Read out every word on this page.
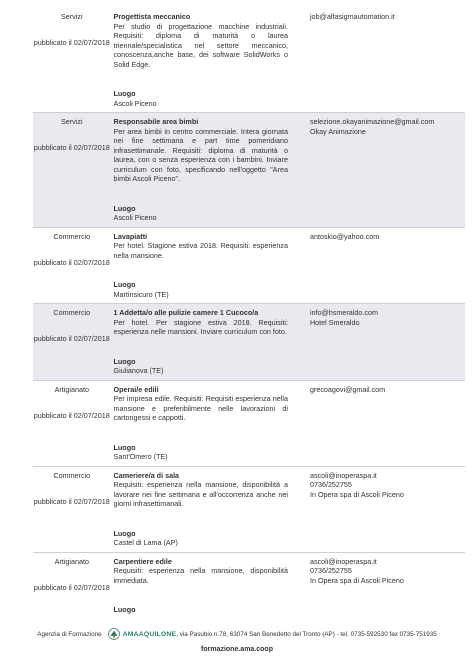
Servizi
pubblicato il 02/07/2018
Progettista meccanico
Per studio di progettazione macchine industriali. Requisiti: diploma di maturità o laurea triennale/specialistica nel settore meccanico, conoscenza,anche base, dei software SolidWorks o Solid Edge.
Luogo
Ascoli Piceno
job@alfasigmautomation.it
Servizi
pubblicato il 02/07/2018
Responsabile area bimbi
Per area bimbi in centro commerciale. Intera giornata nei fine settimana e part time pomeridiano infrasettimanale. Requisiti: diploma di maturità o laurea, con o senza esperienza con i bambini. Inviare curriculum con foto, specificando nell'oggetto "Area bimbi Ascoli Piceno".
Luogo
Ascoli Piceno
selezione.okayanimazione@gmail.com
Okay Animazione
Commercio
pubblicato il 02/07/2018
Lavapiatti
Per hotel. Stagione estiva 2018. Requisiti: esperienza nella mansione.
Luogo
Martinsicuro (TE)
antoskio@yahoo.com
Commercio
pubblicato il 02/07/2018
1 Addetta/o alle pulizie camere 1 Cucoco/a
Per hotel. Per stagione estiva 2018. Requisiti: esperienza nelle mansioni. Inviare curriculum con foto.
Luogo
Giulianova (TE)
info@hsmeraldo.com
Hotel Smeraldo
Artigianato
pubblicato il 02/07/2018
Operai/e edili
Per impresa edile. Requisiti: Requisiti esperienza nella mansione e preferibilmente nelle lavorazioni di cartongessi e cappotti.
Luogo
Sant'Omero (TE)
grecoagovi@gmail.com
Commercio
pubblicato il 02/07/2018
Cameriere/a di sala
Requisiti: esperienza nella mansione, disponibilità a lavorare nei fine settimana e all'occorrenza anche nei giorni infrasettimanali.
Luogo
Castel di Lama (AP)
ascoli@inoperaspa.it
0736/252755
In Opera spa di Ascoli Piceno
Artigianato
pubblicato il 02/07/2018
Carpentiere edile
Requisiti: esperienza nella mansione, disponibilità immediata.
Luogo
ascoli@inoperaspa.it
0736/252755
In Opera spa di Ascoli Piceno
Agenzia di Formazione	AMAAQUILONE , via Pasubio n.78, 63074 San Benedetto del Tronto (AP) - tel. 0735-592530 fax 0735-751935
formazione.ama.coop
